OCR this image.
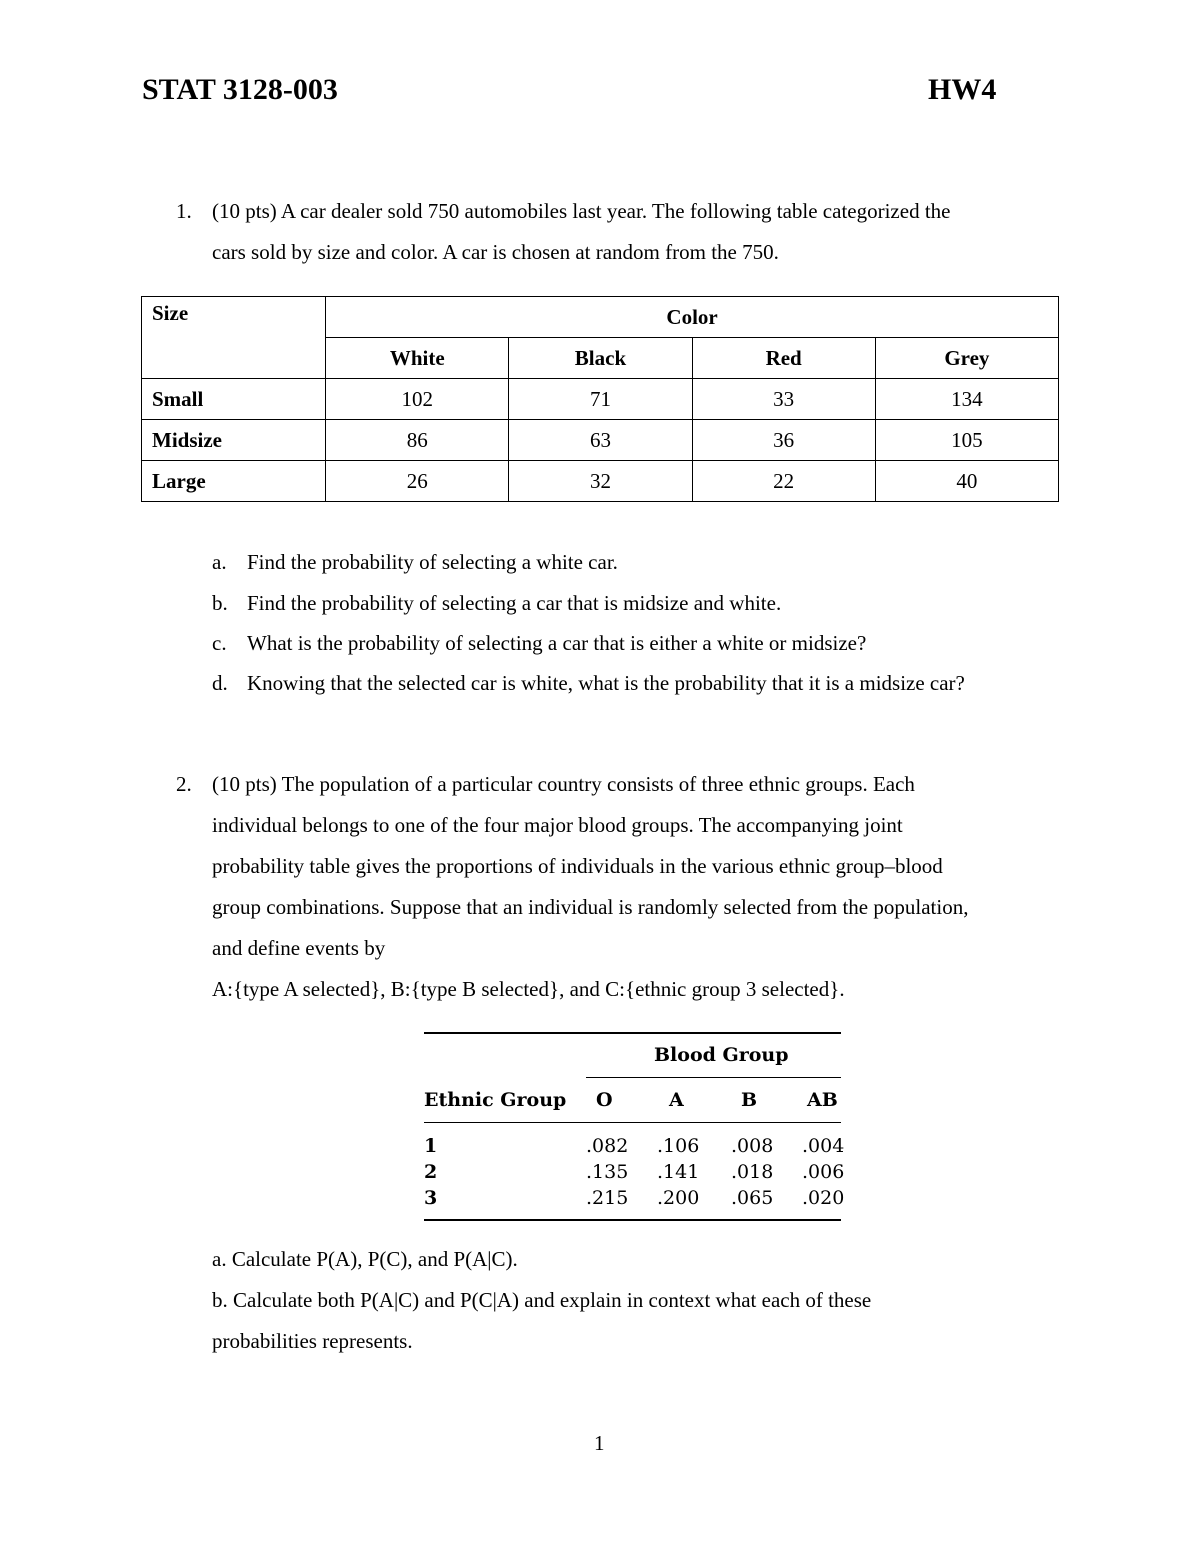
STAT 3128-003	HW4
1. (10 pts) A car dealer sold 750 automobiles last year. The following table categorized the

cars sold by size and color. A car is chosen at random from the 750.

Size	Color			
	White	Black	Red	Grey
Small	102	71	33	134
Midsize	86	63	36	105
Large	26	32	22	40
a. Find the probability of selecting a white car.
b. Find the probability of selecting a car that is midsize and white.
c. What is the probability of selecting a car that is either a white or midsize?
d. Knowing that the selected car is white, what is the probability that it is a midsize car?
2. (10 pts) The population of a particular country consists of three ethnic groups. Each

individual belongs to one of the four major blood groups. The accompanying joint

probability table gives the proportions of individuals in the various ethnic group–blood

group combinations. Suppose that an individual is randomly selected from the population,

and define events by

A:{type A selected}, B:{type B selected}, and C:{ethnic group 3 selected}.

Blood Group
Ethnic Group O	A	B	AB
1	.082 .106 .008 .004
2	.135 .141 .018 .006
3	.215 .200 .065 .020

a. Calculate P(A), P(C), and P(A|C).

b. Calculate both P(A|C) and P(C|A) and explain in context what each of these

probabilities represents.

1
